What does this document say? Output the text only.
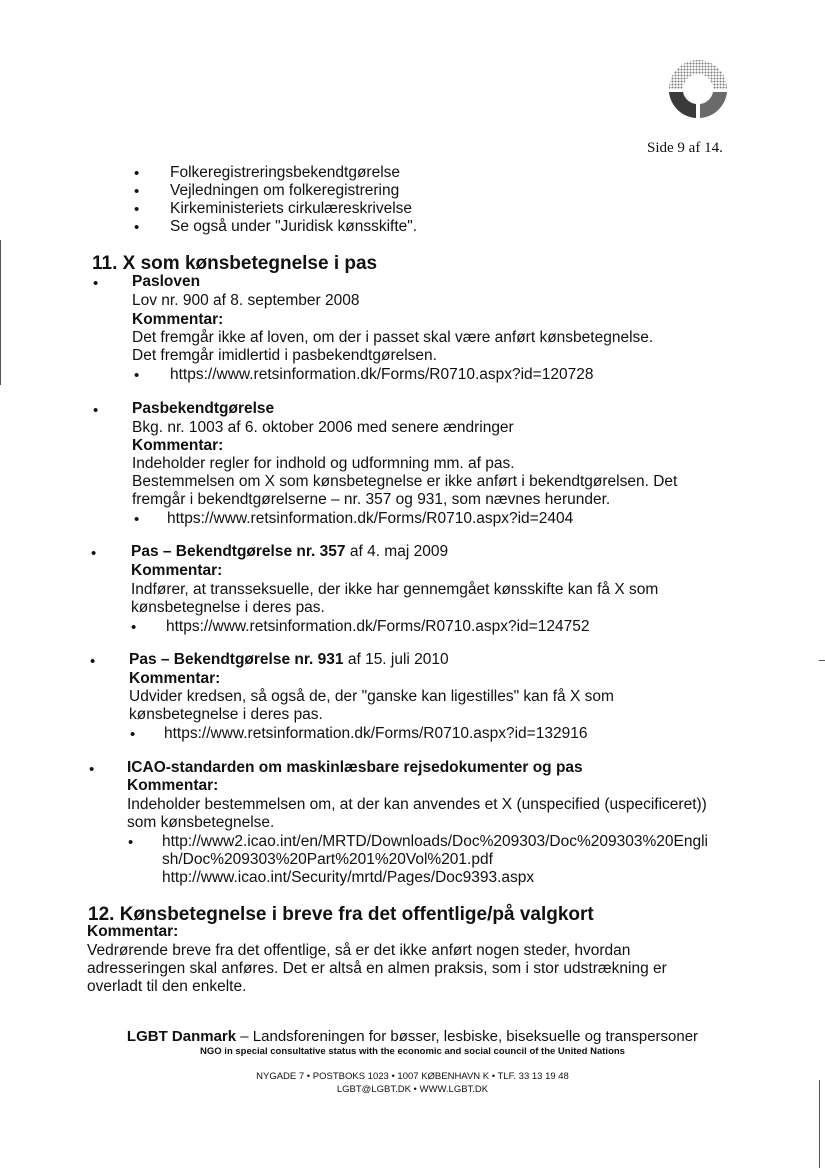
Side 9 af 14.
• Folkeregistreringsbekendtgørelse
• Vejledningen om folkeregistrering
• Kirkeministeriets cirkulæreskrivelse
• Se også under "Juridisk kønsskifte".
11. X som kønsbetegnelse i pas
• Pasloven
Lov nr. 900 af 8. september 2008
Kommentar:
Det fremgår ikke af loven, om der i passet skal være anført kønsbetegnelse.
Det fremgår imidlertid i pasbekendtgørelsen.
• https://www.retsinformation.dk/Forms/R0710.aspx?id=120728
• Pasbekendtgørelse
Bkg. nr. 1003 af 6. oktober 2006 med senere ændringer
Kommentar:
Indeholder regler for indhold og udformning mm. af pas.
Bestemmelsen om X som kønsbetegnelse er ikke anført i bekendtgørelsen. Det
fremgår i bekendtgørelserne – nr. 357 og 931, som nævnes herunder.
• https://www.retsinformation.dk/Forms/R0710.aspx?id=2404
• Pas – Bekendtgørelse nr. 357 af 4. maj 2009
Kommentar:
Indfører, at transseksuelle, der ikke har gennemgået kønsskifte kan få X som
kønsbetegnelse i deres pas.
• https://www.retsinformation.dk/Forms/R0710.aspx?id=124752
• Pas – Bekendtgørelse nr. 931 af 15. juli 2010
Kommentar:
Udvider kredsen, så også de, der "ganske kan ligestilles" kan få X som
kønsbetegnelse i deres pas.
• https://www.retsinformation.dk/Forms/R0710.aspx?id=132916
• ICAO-standarden om maskinlæsbare rejsedokumenter og pas
Kommentar:
Indeholder bestemmelsen om, at der kan anvendes et X (unspecified (uspecificeret))
som kønsbetegnelse.
• http://www2.icao.int/en/MRTD/Downloads/Doc%209303/Doc%209303%20Engli
sh/Doc%209303%20Part%201%20Vol%201.pdf
http://www.icao.int/Security/mrtd/Pages/Doc9393.aspx
12. Kønsbetegnelse i breve fra det offentlige/på valgkort
Kommentar:
Vedrørende breve fra det offentlige, så er det ikke anført nogen steder, hvordan
adresseringen skal anføres. Det er altså en almen praksis, som i stor udstrækning er
overladt til den enkelte.
LGBT Danmark – Landsforeningen for bøsser, lesbiske, biseksuelle og transpersoner
NGO in special consultative status with the economic and social council of the United Nations
NYGADE 7 • POSTBOKS 1023 • 1007 KØBENHAVN K • TLF. 33 13 19 48
LGBT@LGBT.DK • WWW.LGBT.DK
